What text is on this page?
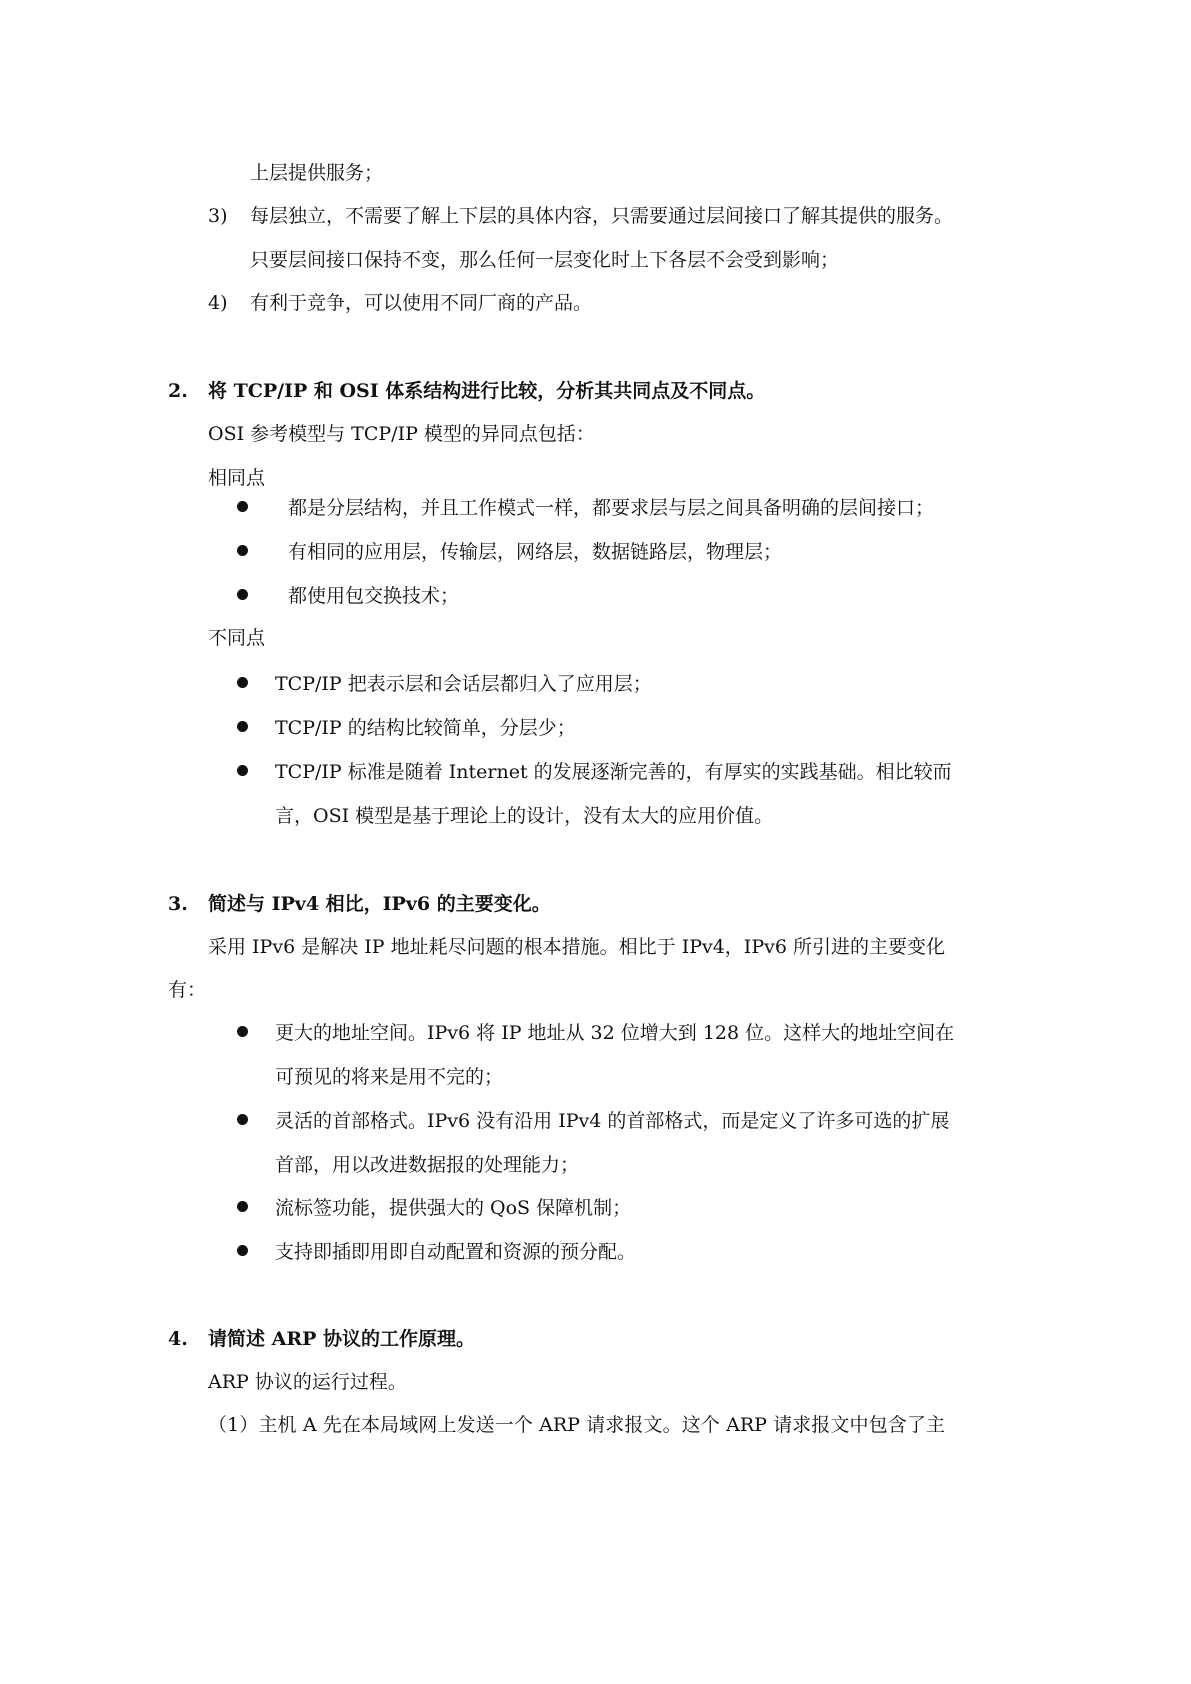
上层提供服务；
3) 每层独立，不需要了解上下层的具体内容，只需要通过层间接口了解其提供的服务。
只要层间接口保持不变，那么任何一层变化时上下各层不会受到影响；
4) 有利于竞争，可以使用不同厂商的产品。
2. 将 TCP/IP 和 OSI 体系结构进行比较，分析其共同点及不同点。
OSI 参考模型与 TCP/IP 模型的异同点包括：
相同点
都是分层结构，并且工作模式一样，都要求层与层之间具备明确的层间接口；
有相同的应用层，传输层，网络层，数据链路层，物理层；
都使用包交换技术；
不同点
TCP/IP 把表示层和会话层都归入了应用层；
TCP/IP 的结构比较简单，分层少；
TCP/IP 标准是随着 Internet 的发展逐渐完善的，有厚实的实践基础。相比较而
言，OSI 模型是基于理论上的设计，没有太大的应用价值。
3. 简述与 IPv4 相比，IPv6 的主要变化。
采用 IPv6 是解决 IP 地址耗尽问题的根本措施。相比于 IPv4，IPv6 所引进的主要变化
有：
更大的地址空间。IPv6 将 IP 地址从 32 位增大到 128 位。这样大的地址空间在
可预见的将来是用不完的；
灵活的首部格式。IPv6 没有沿用 IPv4 的首部格式，而是定义了许多可选的扩展
首部，用以改进数据报的处理能力；
流标签功能，提供强大的 QoS 保障机制；
支持即插即用即自动配置和资源的预分配。
4. 请简述 ARP 协议的工作原理。
ARP 协议的运行过程。
（1）主机 A 先在本局域网上发送一个 ARP 请求报文。这个 ARP 请求报文中包含了主
